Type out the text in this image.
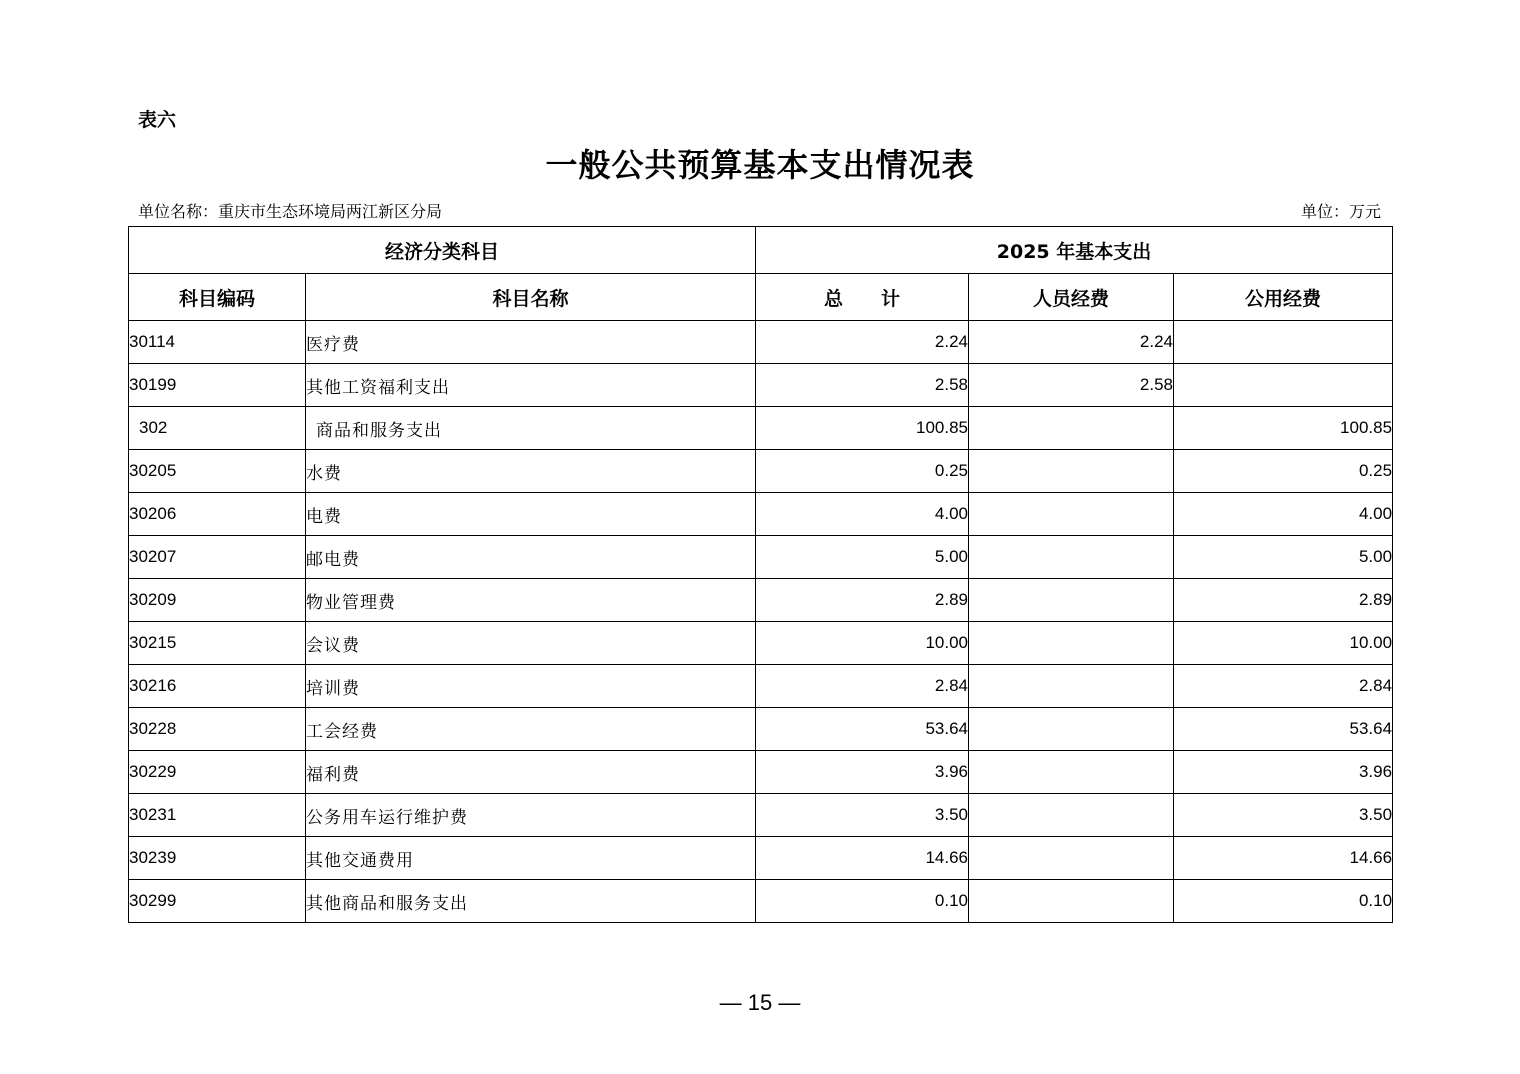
表六
一般公共预算基本支出情况表
单位名称：重庆市生态环境局两江新区分局	单位：万元
经济分类科目		2025 年基本支出		
科目编码	科目名称	总　　计	人员经费	公用经费
30114	医疗费	2.24	2.24	
30199	其他工资福利支出	2.58	2.58	
302	商品和服务支出	100.85		100.85
30205	水费	0.25		0.25
30206	电费	4.00		4.00
30207	邮电费	5.00		5.00
30209	物业管理费	2.89		2.89
30215	会议费	10.00		10.00
30216	培训费	2.84		2.84
30228	工会经费	53.64		53.64
30229	福利费	3.96		3.96
30231	公务用车运行维护费	3.50		3.50
30239	其他交通费用	14.66		14.66
30299	其他商品和服务支出	0.10		0.10
— 15 —
